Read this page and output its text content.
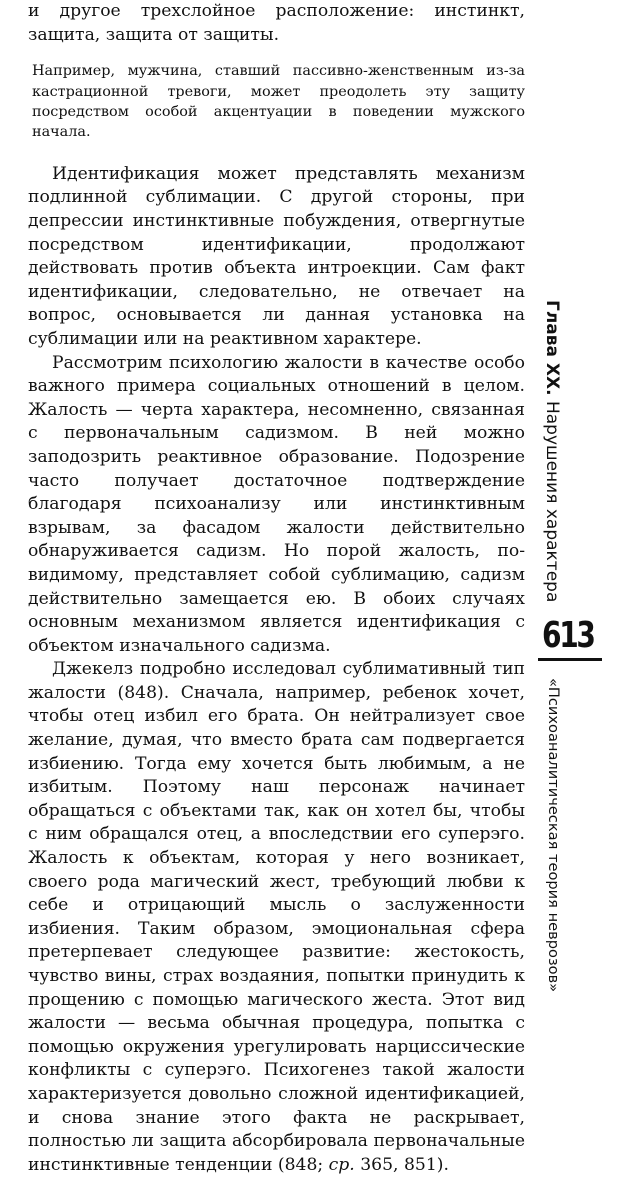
и другое трехслойное расположение: инстинкт, защита, защита от защиты.

Например, мужчина, ставший пассивно-женственным из-за кастрационной тревоги, может преодолеть эту защиту посредством особой акцентуации в поведении мужского начала.

Идентификация может представлять механизм подлинной сублимации. С другой стороны, при депрессии инстинктивные побуждения, отвергнутые посредством идентификации, продолжают действовать против объекта интроекции. Сам факт идентификации, следовательно, не отвечает на вопрос, основывается ли данная установка на сублимации или на реактивном характере.

Рассмотрим психологию жалости в качестве особо важного примера социальных отношений в целом. Жалость — черта характера, несомненно, связанная с первоначальным садизмом. В ней можно заподозрить реактивное образование. Подозрение часто получает достаточное подтверждение благодаря психоанализу или инстинктивным взрывам, за фасадом жалости действительно обнаруживается садизм. Но порой жалость, по-видимому, представляет собой сублимацию, садизм действительно замещается ею. В обоих случаях основным механизмом является идентификация с объектом изначального садизма.

Джекелз подробно исследовал сублимативный тип жалости (848). Сначала, например, ребенок хочет, чтобы отец избил его брата. Он нейтрализует свое желание, думая, что вместо брата сам подвергается избиению. Тогда ему хочется быть любимым, а не избитым. Поэтому наш персонаж начинает обращаться с объектами так, как он хотел бы, чтобы с ним обращался отец, а впоследствии его суперэго. Жалость к объектам, которая у него возникает, своего рода магический жест, требующий любви к себе и отрицающий мысль о заслуженности избиения. Таким образом, эмоциональная сфера претерпевает следующее развитие: жестокость, чувство вины, страх воздаяния, попытки принудить к прощению с помощью магического жеста. Этот вид жалости — весьма обычная процедура, попытка с помощью окружения урегулировать нарциссические конфликты с суперэго. Психогенез такой жалости характеризуется довольно сложной идентификацией, и снова знание этого факта не раскрывает, полностью ли защита абсорбировала первоначальные инстинктивные тенденции (848; ср. 365, 851).

Глава XX. Нарушения характера
613
«Психоаналитическая теория неврозов»
